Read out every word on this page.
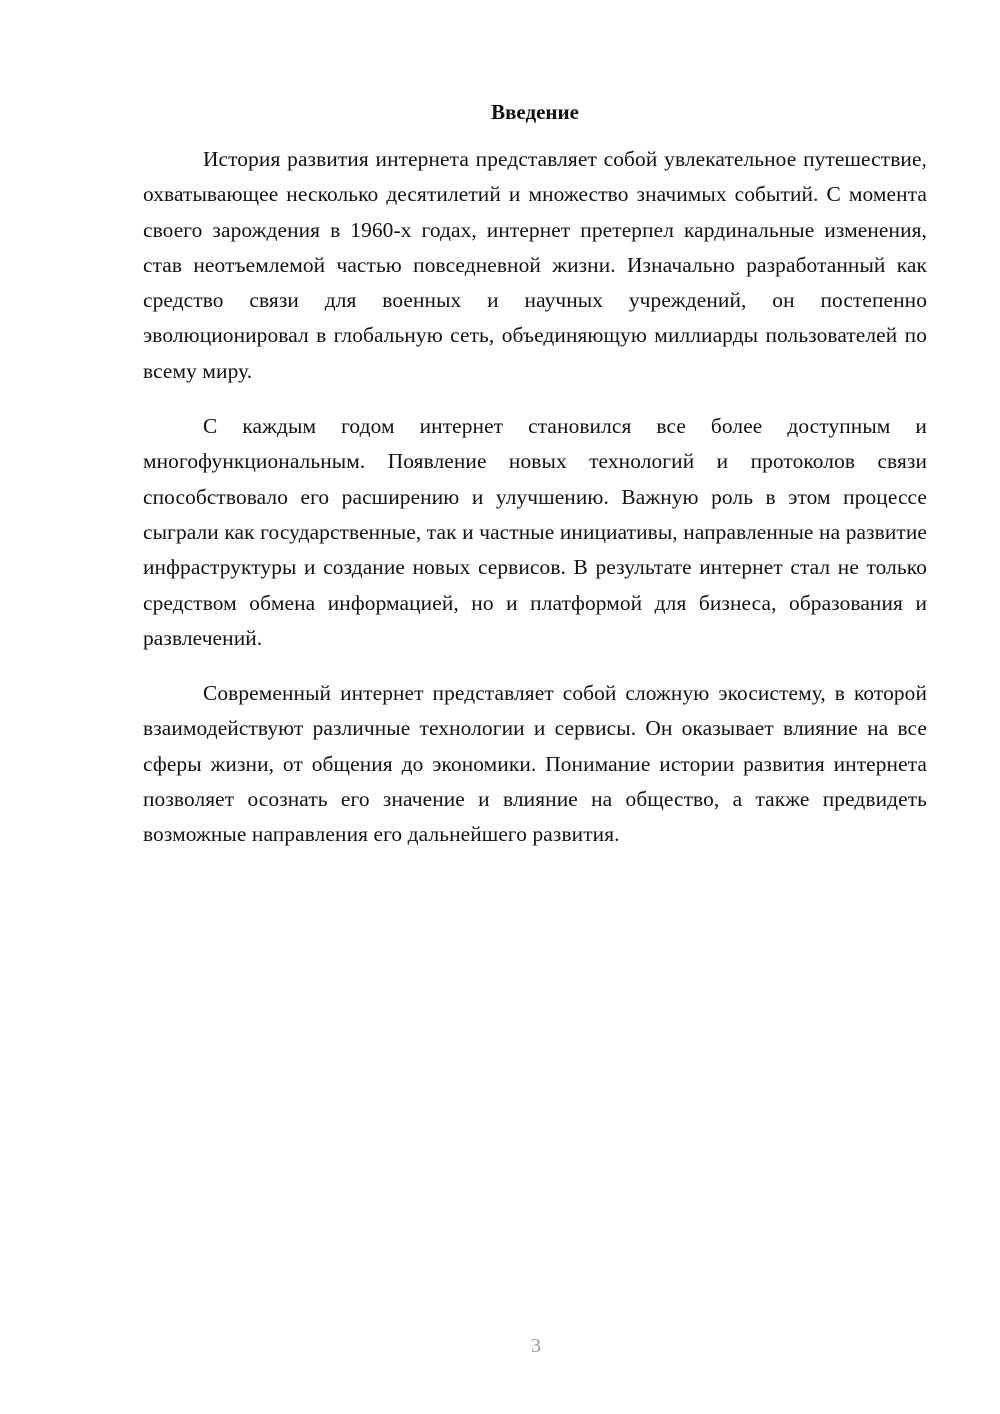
Введение

История развития интернета представляет собой увлекательное путешествие, охватывающее несколько десятилетий и множество значимых событий. С момента своего зарождения в 1960-х годах, интернет претерпел кардинальные изменения, став неотъемлемой частью повседневной жизни. Изначально разработанный как средство связи для военных и научных учреждений, он постепенно эволюционировал в глобальную сеть, объединяющую миллиарды пользователей по всему миру.

С каждым годом интернет становился все более доступным и многофункциональным. Появление новых технологий и протоколов связи способствовало его расширению и улучшению. Важную роль в этом процессе сыграли как государственные, так и частные инициативы, направленные на развитие инфраструктуры и создание новых сервисов. В результате интернет стал не только средством обмена информацией, но и платформой для бизнеса, образования и развлечений.

Современный интернет представляет собой сложную экосистему, в которой взаимодействуют различные технологии и сервисы. Он оказывает влияние на все сферы жизни, от общения до экономики. Понимание истории развития интернета позволяет осознать его значение и влияние на общество, а также предвидеть возможные направления его дальнейшего развития.

3
